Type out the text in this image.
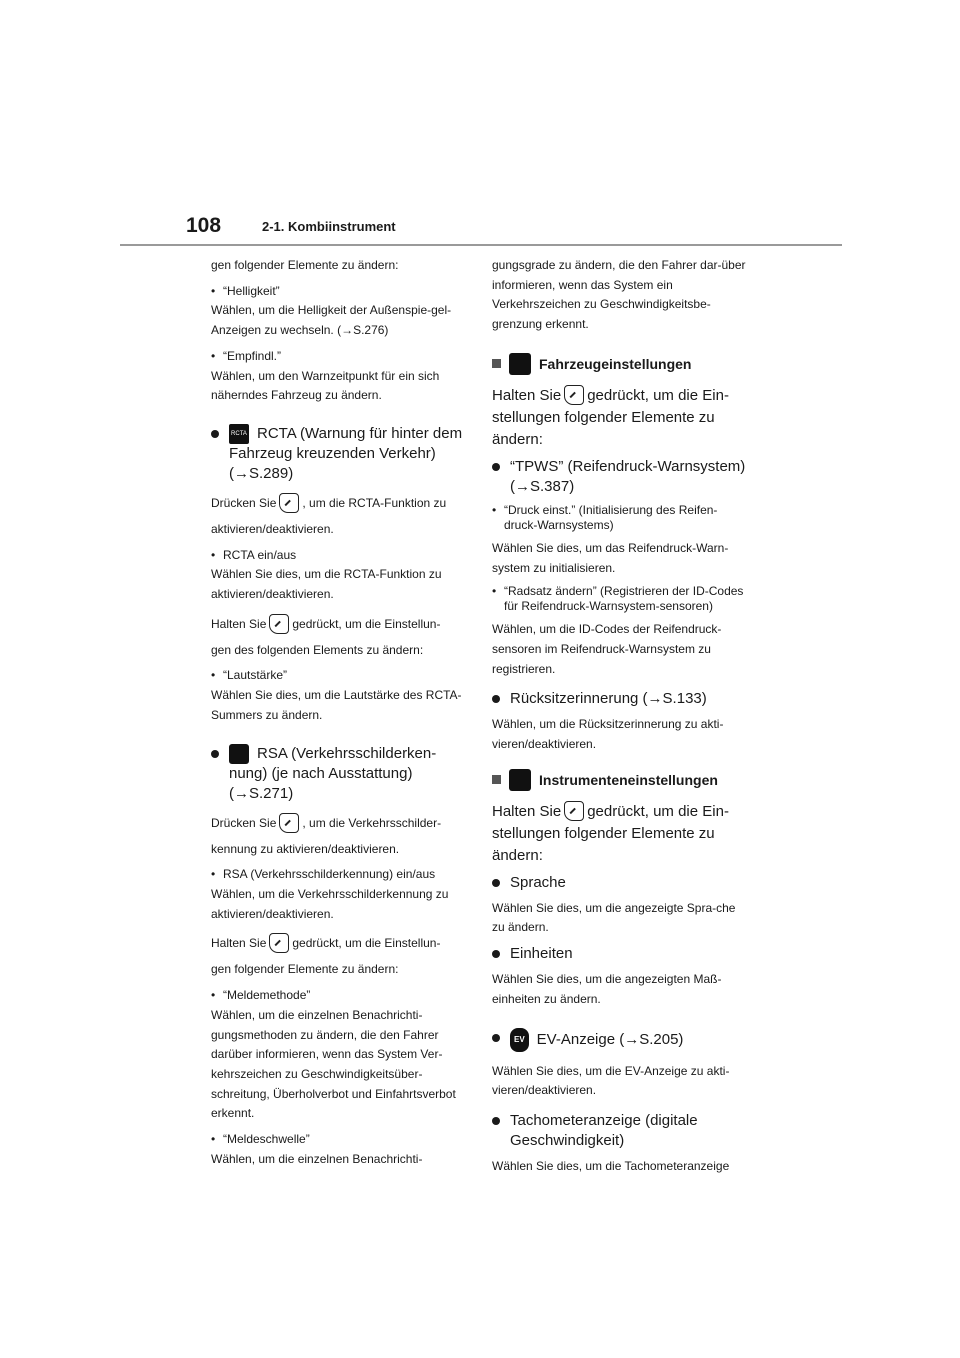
108	2-1. Kombiinstrument
gen folgender Elemente zu ändern:
• “Helligkeit”
Wählen, um die Helligkeit der Außenspie-gel-Anzeigen zu wechseln. (→S.276)
• “Empfindl.”
Wählen, um den Warnzeitpunkt für ein sich näherndes Fahrzeug zu ändern.
RCTA RCTA (Warnung für hinter dem
Fahrzeug kreuzenden Verkehr)
(→S.289)
Drücken Sie , um die RCTA-Funktion zu
aktivieren/deaktivieren.
• RCTA ein/aus
Wählen Sie dies, um die RCTA-Funktion zu aktivieren/deaktivieren.
Halten Sie gedrückt, um die Einstellun-
gen des folgenden Elements zu ändern:
• “Lautstärke”
Wählen Sie dies, um die Lautstärke des RCTA-Summers zu ändern.
RSA (Verkehrsschilderken-
nung) (je nach Ausstattung)
(→S.271)
Drücken Sie , um die Verkehrsschilder-
kennung zu aktivieren/deaktivieren.
• RSA (Verkehrsschilderkennung) ein/aus
Wählen, um die Verkehrsschilderkennung zu aktivieren/deaktivieren.
Halten Sie gedrückt, um die Einstellun-
gen folgender Elemente zu ändern:
• “Meldemethode”
Wählen, um die einzelnen Benachrichti-gungsmethoden zu ändern, die den Fahrer darüber informieren, wenn das System Ver-kehrszeichen zu Geschwindigkeitsüber-schreitung, Überholverbot und Einfahrtsverbot erkennt.
• “Meldeschwelle”
Wählen, um die einzelnen Benachrichti-
gungsgrade zu ändern, die den Fahrer dar-über informieren, wenn das System ein Verkehrszeichen zu Geschwindigkeitsbe-grenzung erkennt.
Fahrzeugeinstellungen
Halten Sie gedrückt, um die Ein-
stellungen folgender Elemente zu ändern:
“TPWS” (Reifendruck-Warnsystem)
(→S.387)
• “Druck einst.” (Initialisierung des Reifen-druck-Warnsystems)
Wählen Sie dies, um das Reifendruck-Warn-system zu initialisieren.
• “Radsatz ändern” (Registrieren der ID-Codes für Reifendruck-Warnsystem-sensoren)
Wählen, um die ID-Codes der Reifendruck-sensoren im Reifendruck-Warnsystem zu registrieren.
Rücksitzerinnerung (→S.133)
Wählen, um die Rücksitzerinnerung zu akti-vieren/deaktivieren.
Instrumenteneinstellungen
Halten Sie gedrückt, um die Ein-
stellungen folgender Elemente zu ändern:
Sprache
Wählen Sie dies, um die angezeigte Spra-che zu ändern.
Einheiten
Wählen Sie dies, um die angezeigten Maß-einheiten zu ändern.
EV EV-Anzeige (→S.205)
Wählen Sie dies, um die EV-Anzeige zu akti-vieren/deaktivieren.
Tachometeranzeige (digitale
Geschwindigkeit)
Wählen Sie dies, um die Tachometeranzeige
